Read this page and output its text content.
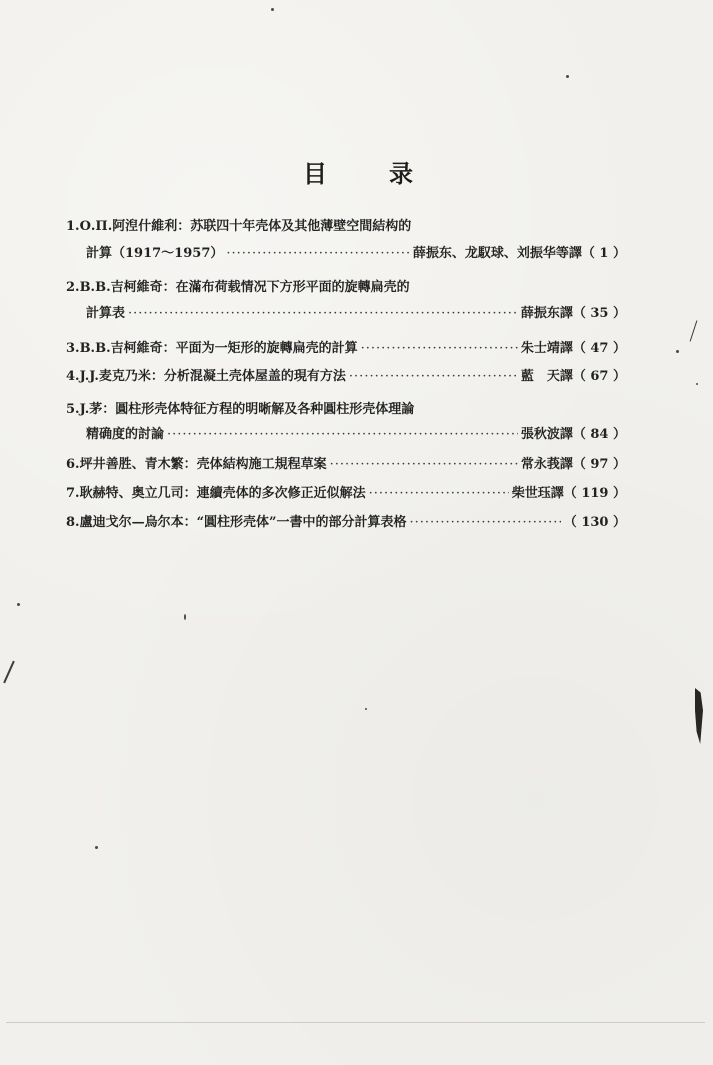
目	录
1.О.П.阿湼什維利：苏联四十年壳体及其他薄壁空間結构的
計算（1917～1957） ·····	薛振东、龙馭球、刘振华等譯 （ 1 ）
2.В.В.吉柯維奇：在滿布荷载情况下方形平面的旋轉扁壳的
計算表 ·····	薛振东譯 （ 35 ）
3.В.В.吉柯維奇：平面为一矩形的旋轉扁壳的計算 ·····	朱士靖譯 （ 47 ）
4.J.J.麦克乃米：分析混凝土壳体屋盖的現有方法 ·····	藍　天譯 （ 67 ）
5.J.茅：圓柱形壳体特征方程的明晰解及各种圓柱形壳体理論
精确度的討論 ·····	張秋波譯 （ 84 ）
6.坪井善胜、青木繁：壳体結构施工規程草案 ·····	常永莪譯 （ 97 ）
7.耿赫特、奥立几司：連續壳体的多次修正近似解法 ·····	柴世珏譯 （ 119 ）
8.盧迪戈尔—烏尔本：“圓柱形壳体”一書中的部分計算表格 ·····	（ 130 ）
